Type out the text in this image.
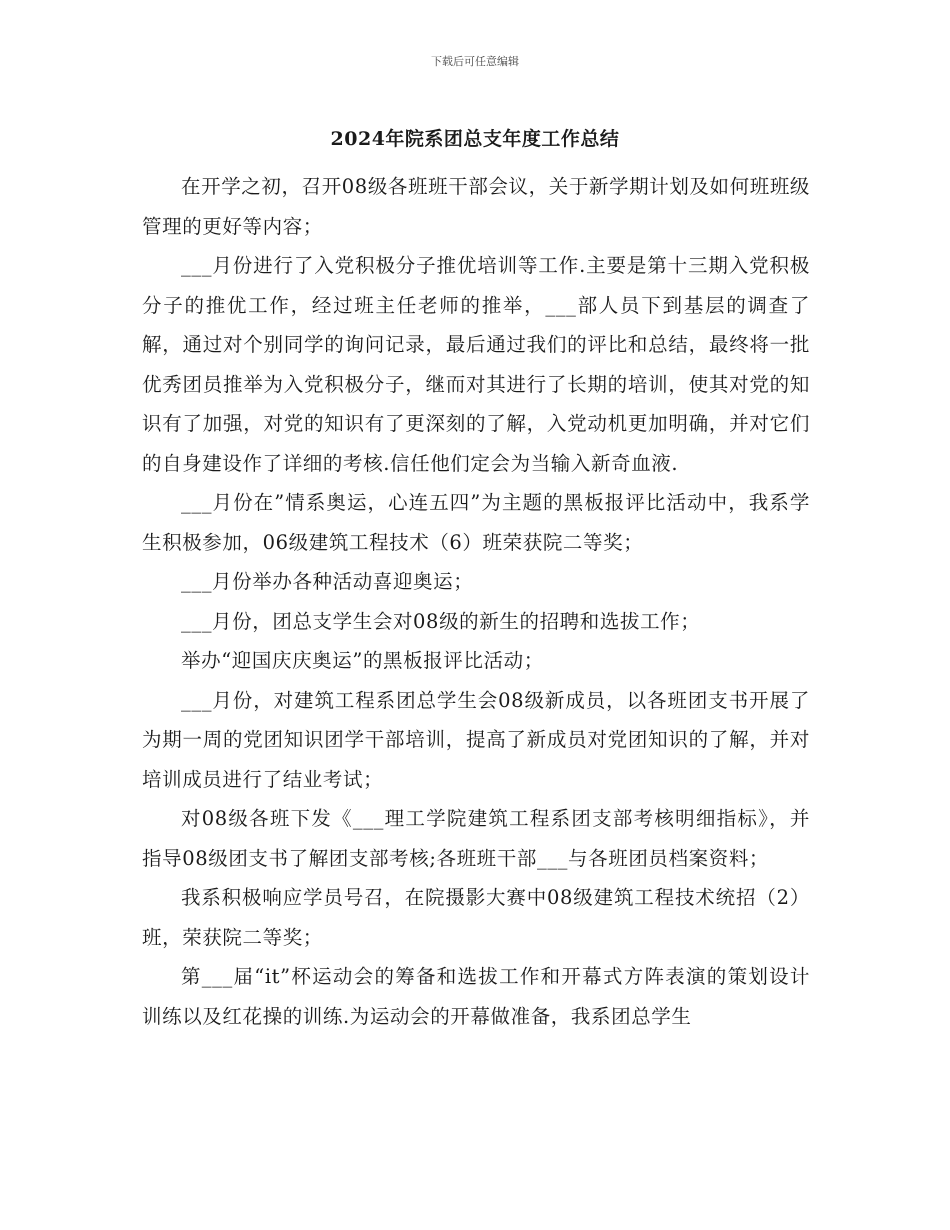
下载后可任意编辑
2024年院系团总支年度工作总结

在开学之初，召开08级各班班干部会议，关于新学期计划及如何班班级管理的更好等内容；

___月份进行了入党积极分子推优培训等工作.主要是第十三期入党积极分子的推优工作，经过班主任老师的推举，___部人员下到基层的调查了解，通过对个别同学的询问记录，最后通过我们的评比和总结，最终将一批优秀团员推举为入党积极分子，继而对其进行了长期的培训，使其对党的知识有了加强，对党的知识有了更深刻的了解，入党动机更加明确，并对它们的自身建设作了详细的考核.信任他们定会为当输入新奇血液.

___月份在”情系奥运，心连五四”为主题的黑板报评比活动中，我系学生积极参加，06级建筑工程技术（6）班荣获院二等奖；

___月份举办各种活动喜迎奥运；

___月份，团总支学生会对08级的新生的招聘和选拔工作；

举办“迎国庆庆奥运”的黑板报评比活动；

___月份，对建筑工程系团总学生会08级新成员，以各班团支书开展了为期一周的党团知识团学干部培训，提高了新成员对党团知识的了解，并对培训成员进行了结业考试；

对08级各班下发《___理工学院建筑工程系团支部考核明细指标》，并指导08级团支书了解团支部考核;各班班干部___与各班团员档案资料；

我系积极响应学员号召，在院摄影大赛中08级建筑工程技术统招（2）班，荣获院二等奖；

第___届“it”杯运动会的筹备和选拔工作和开幕式方阵表演的策划设计训练以及红花操的训练.为运动会的开幕做准备，我系团总学生
